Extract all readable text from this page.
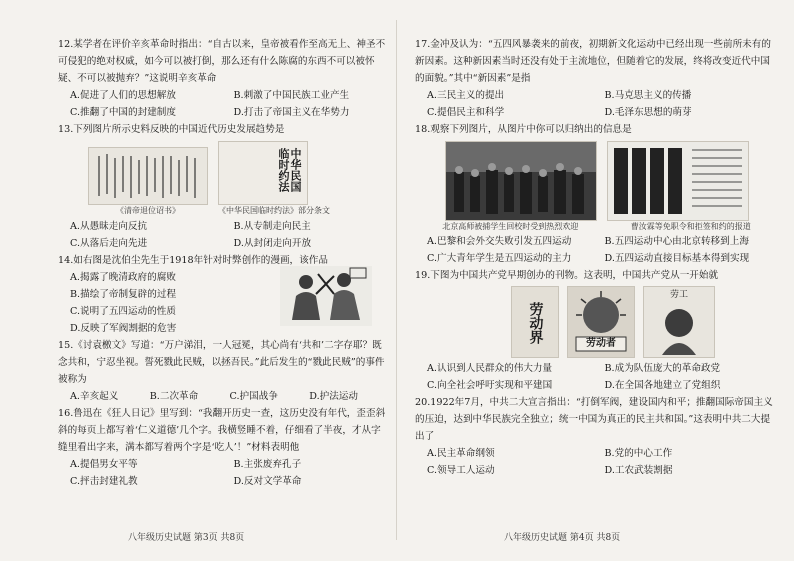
12.某学者在评价辛亥革命时指出：“自古以来，皇帝被看作至高无上、神圣不可侵犯的绝对权威，如今可以被打倒，那么还有什么陈腐的东西不可以被怀疑、不可以被抛弃？”这说明辛亥革命

A.促进了人们的思想解放	B.刺激了中国民族工业产生
C.推翻了中国的封建制度	D.打击了帝国主义在华势力

13.下列图片所示史料反映的中国近代历史发展趋势是

《清帝退位诏书》
中华民国临时约法
《中华民国临时约法》部分条文
A.从愚昧走向反抗	B.从专制走向民主
C.从落后走向先进	D.从封闭走向开放

14.如右图是沈伯尘先生于1918年针对时弊创作的漫画，该作品

A.揭露了晚清政府的腐败
B.描绘了帝制复辟的过程
C.说明了五四运动的性质
D.反映了军阀割据的危害

15.《讨袁檄文》写道：“万户涕泪，一人冠冕，其心尚有‘共和’二字存耶？既念共和，宁忍坐视。誓死戮此民贼，以拯吾民。”此后发生的“戮此民贼”的事件被称为

A.辛亥起义	B.二次革命	C.护国战争	D.护法运动

16.鲁迅在《狂人日记》里写到：“我翻开历史一查，这历史没有年代，歪歪斜斜的每页上都写着‘仁义道德’几个字。我横竖睡不着，仔细看了半夜，才从字缝里看出字来，满本都写着两个字是‘吃人’！”材料表明他

A.提倡男女平等	B.主张废弃孔子
C.抨击封建礼教	D.反对文学革命
八年级历史试题 第3页 共8页

17.金冲及认为：“五四风暴袭来的前夜，初期新文化运动中已经出现一些前所未有的新因素。这种新因素当时还没有处于主流地位，但随着它的发展，终将改变近代中国的面貌。”其中“新因素”是指

A.三民主义的提出	B.马克思主义的传播
C.提倡民主和科学	D.毛泽东思想的萌芽

18.观察下列图片，从图片中你可以归纳出的信息是

北京高师被捕学生回校时受到热烈欢迎	曹汝霖等免职令和拒签和约的报道
A.巴黎和会外交失败引发五四运动	B.五四运动中心由北京转移到上海
C.广大青年学生是五四运动的主力	D.五四运动直接目标基本得到实现

19.下图为中国共产党早期创办的刊物。这表明，中国共产党从一开始就

劳动界	劳动者
劳工
A.认识到人民群众的伟大力量	B.成为队伍庞大的革命政党
C.向全社会呼吁实现和平建国	D.在全国各地建立了党组织

20.1922年7月，中共二大宣言指出：“打倒军阀，建设国内和平；推翻国际帝国主义的压迫，达到中华民族完全独立；统一中国为真正的民主共和国。”这表明中共二大提出了

A.民主革命纲领	B.党的中心工作
C.领导工人运动	D.工农武装割据
八年级历史试题 第4页 共8页
